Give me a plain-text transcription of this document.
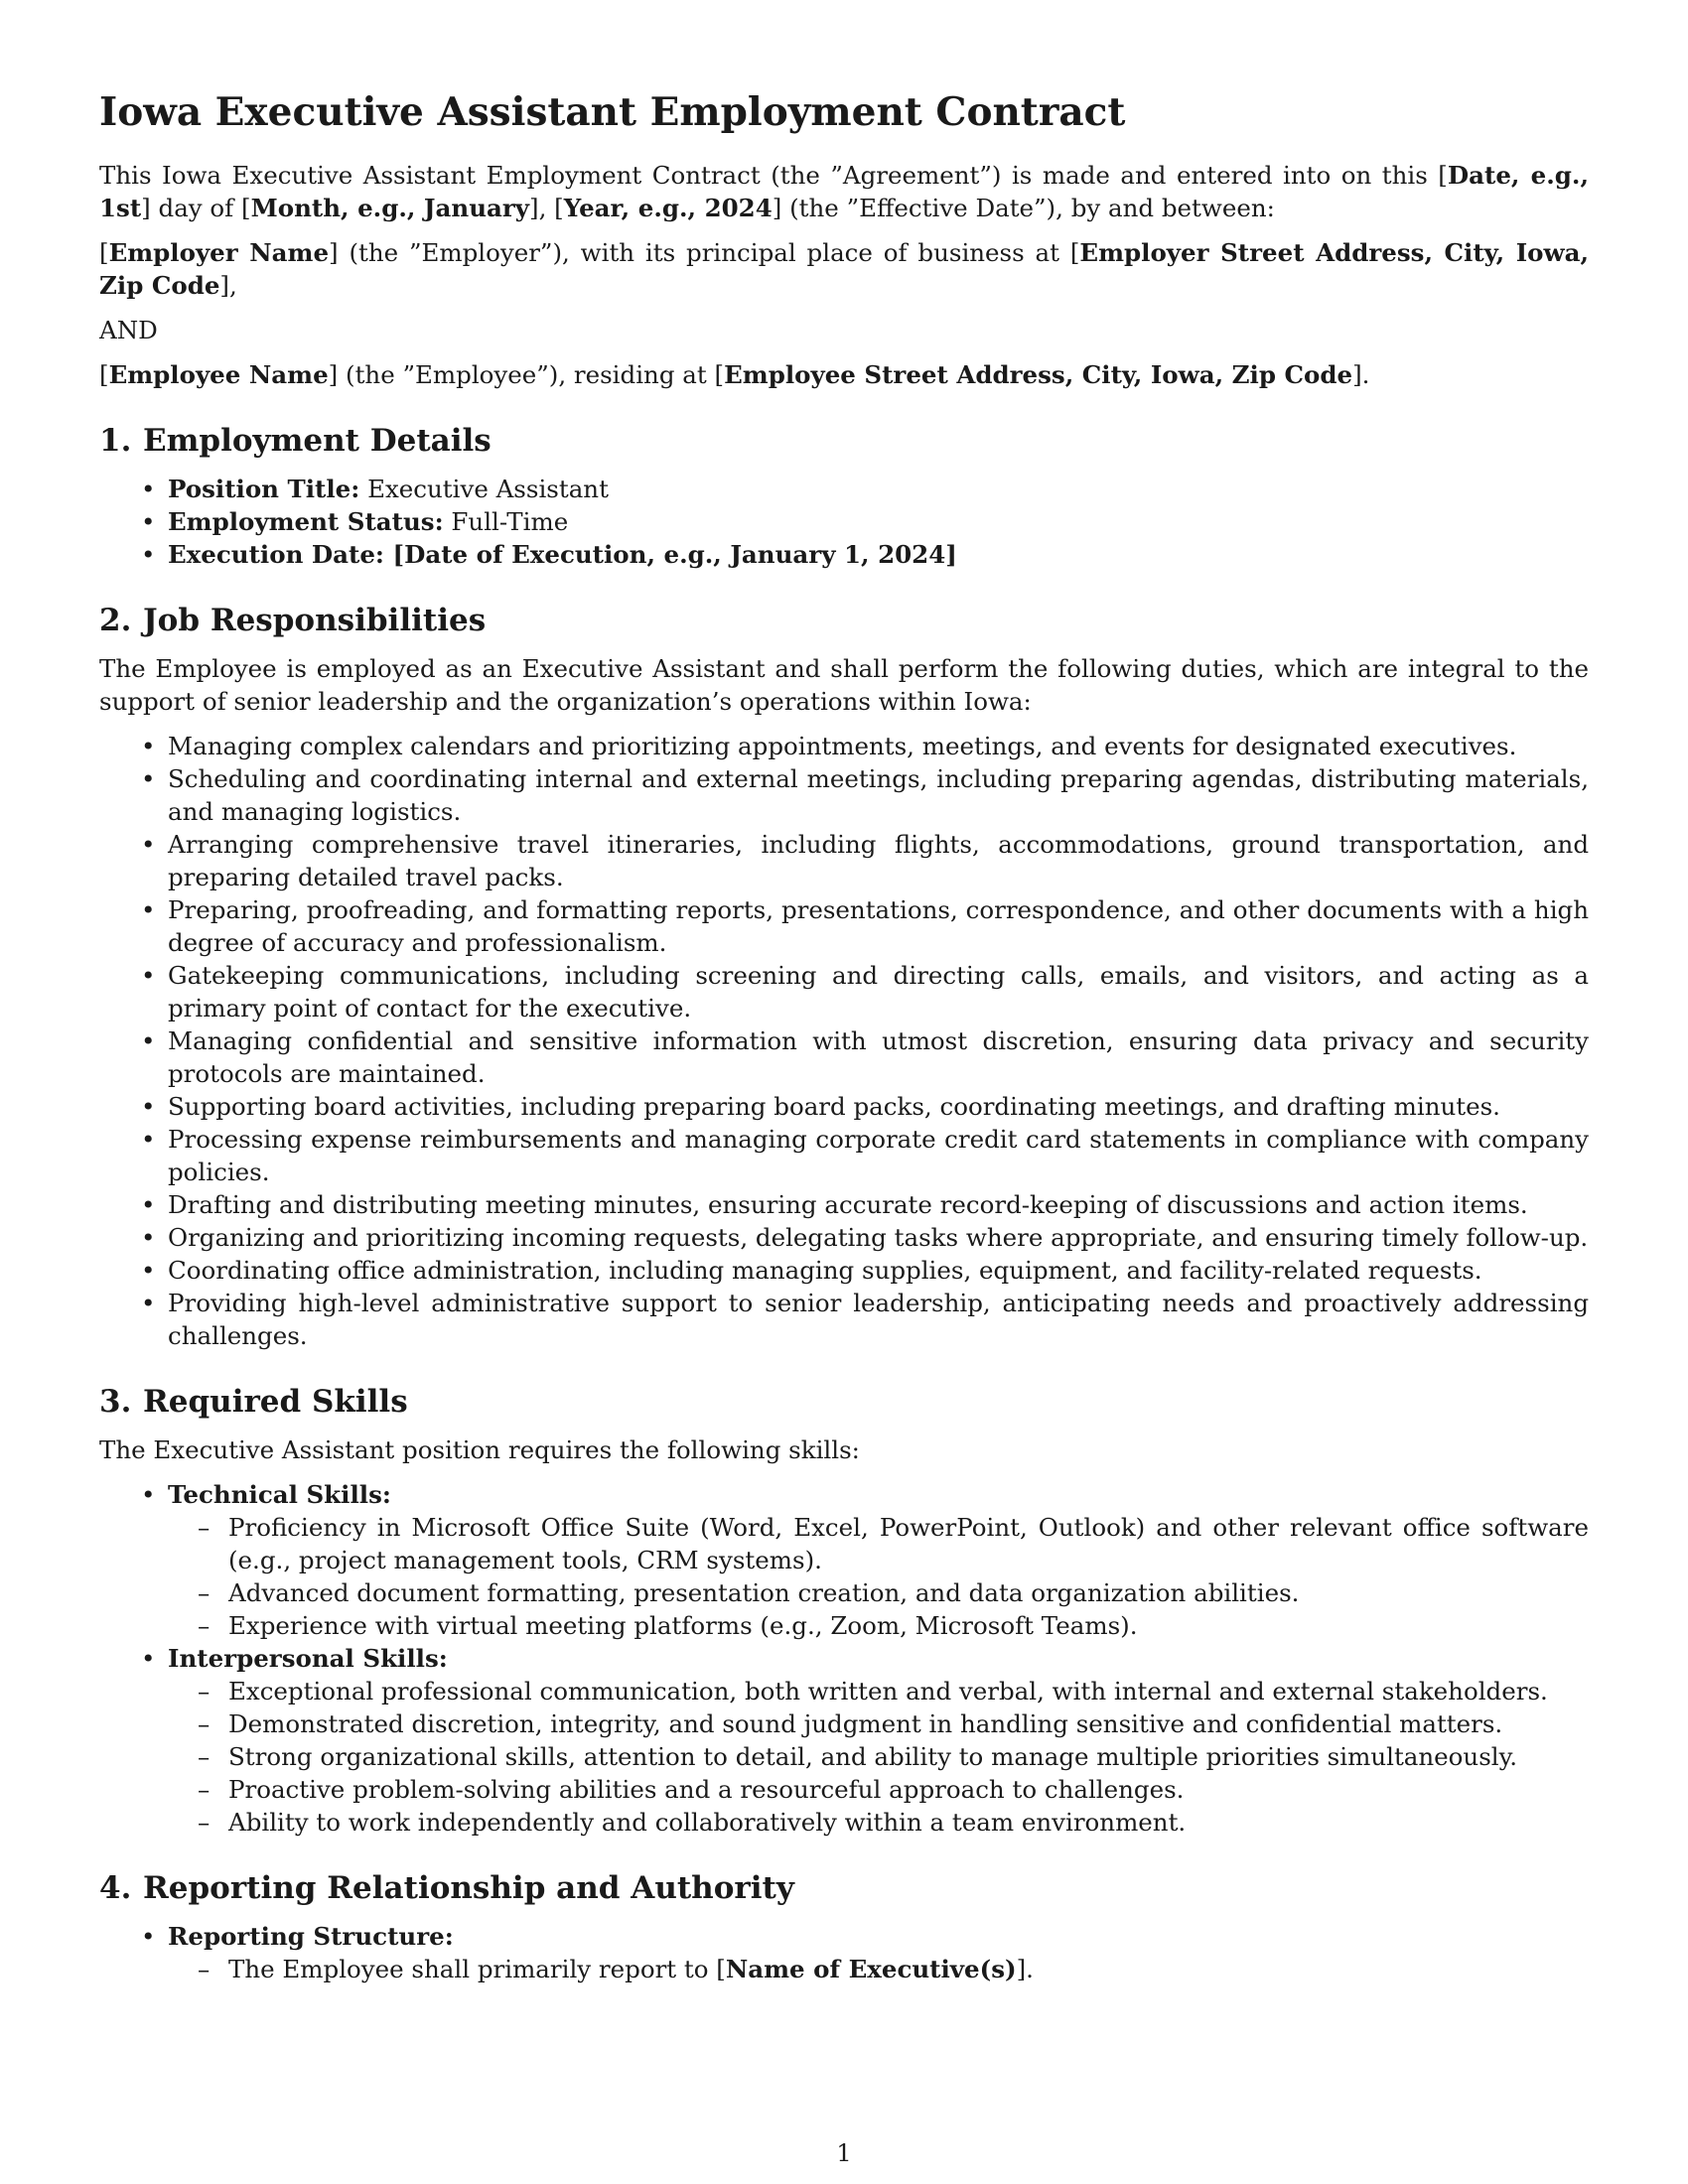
Iowa Executive Assistant Employment Contract

This Iowa Executive Assistant Employment Contract (the ”Agreement”) is made and entered into on this [Date, e.g., 1st] day of [Month, e.g., January], [Year, e.g., 2024] (the ”Effective Date”), by and between:

[Employer Name] (the ”Employer”), with its principal place of business at [Employer Street Address, City, Iowa, Zip Code],

AND

[Employee Name] (the ”Employee”), residing at [Employee Street Address, City, Iowa, Zip Code].

1. Employment Details
• Position Title: Executive Assistant
• Employment Status: Full-Time
• Execution Date: [Date of Execution, e.g., January 1, 2024]
2. Job Responsibilities

The Employee is employed as an Executive Assistant and shall perform the following duties, which are integral to the support of senior leadership and the organization’s operations within Iowa:

• Managing complex calendars and prioritizing appointments, meetings, and events for designated executives.
• Scheduling and coordinating internal and external meetings, including preparing agendas, distributing materials, and managing logistics.
• Arranging comprehensive travel itineraries, including flights, accommodations, ground transportation, and preparing detailed travel packs.
• Preparing, proofreading, and formatting reports, presentations, correspondence, and other documents with a high degree of accuracy and professionalism.
• Gatekeeping communications, including screening and directing calls, emails, and visitors, and acting as a primary point of contact for the executive.
• Managing confidential and sensitive information with utmost discretion, ensuring data privacy and security protocols are maintained.
• Supporting board activities, including preparing board packs, coordinating meetings, and drafting minutes.
• Processing expense reimbursements and managing corporate credit card statements in compliance with company policies.
• Drafting and distributing meeting minutes, ensuring accurate record-keeping of discussions and action items.
• Organizing and prioritizing incoming requests, delegating tasks where appropriate, and ensuring timely follow-up.
• Coordinating office administration, including managing supplies, equipment, and facility-related requests.
• Providing high-level administrative support to senior leadership, anticipating needs and proactively addressing challenges.
3. Required Skills

The Executive Assistant position requires the following skills:

• Technical Skills:
– Proficiency in Microsoft Office Suite (Word, Excel, PowerPoint, Outlook) and other relevant office software (e.g., project management tools, CRM systems).
– Advanced document formatting, presentation creation, and data organization abilities.
– Experience with virtual meeting platforms (e.g., Zoom, Microsoft Teams).
• Interpersonal Skills:
– Exceptional professional communication, both written and verbal, with internal and external stakeholders.
– Demonstrated discretion, integrity, and sound judgment in handling sensitive and confidential matters.
– Strong organizational skills, attention to detail, and ability to manage multiple priorities simultaneously.
– Proactive problem-solving abilities and a resourceful approach to challenges.
– Ability to work independently and collaboratively within a team environment.
4. Reporting Relationship and Authority
• Reporting Structure:
– The Employee shall primarily report to [Name of Executive(s)].
1
